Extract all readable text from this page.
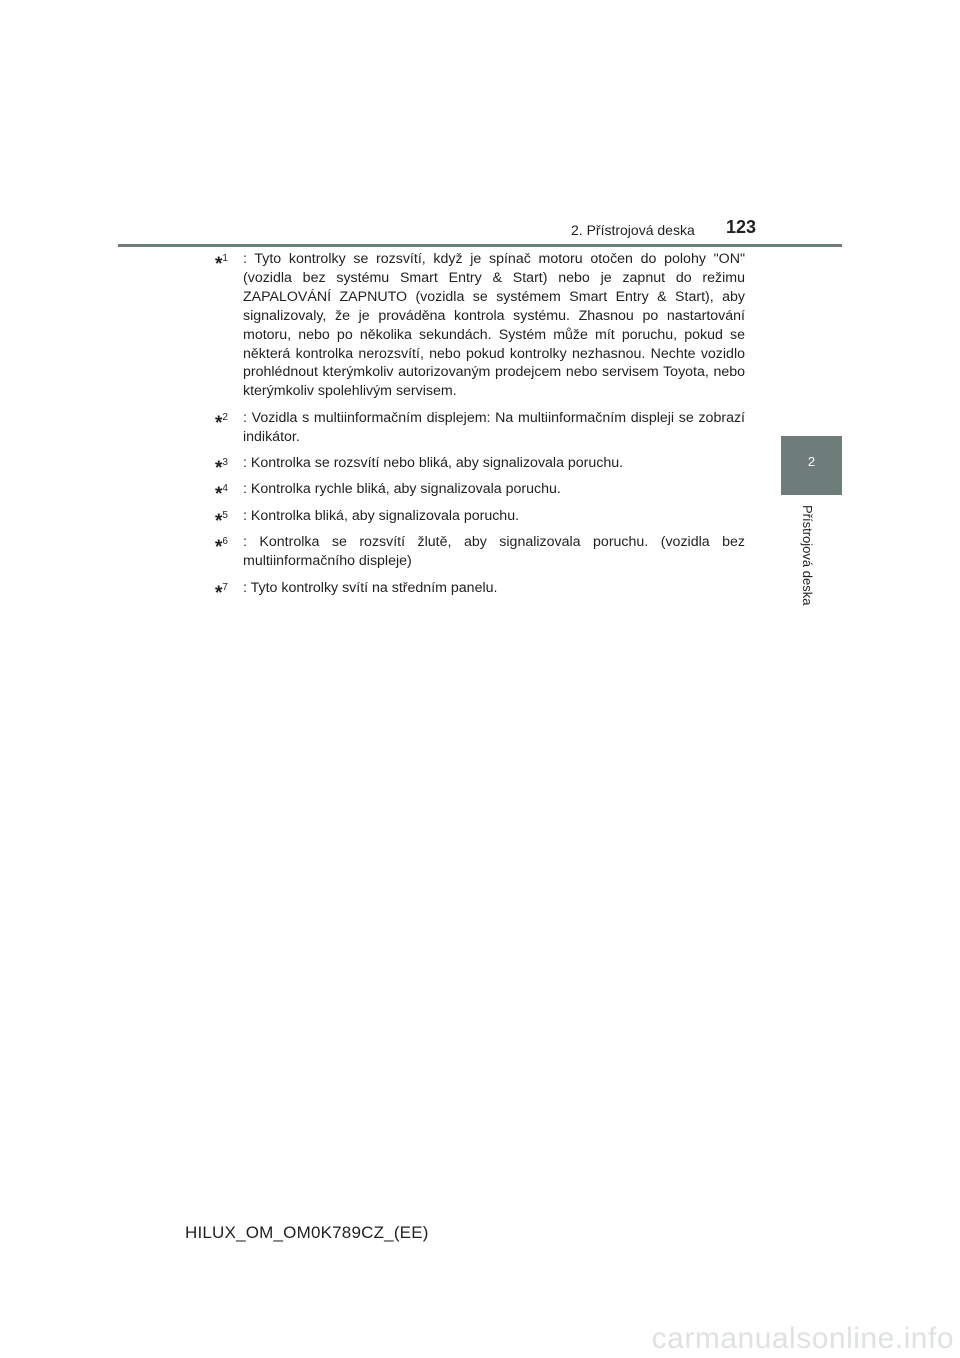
2. Přístrojová deska 123
2
Přístrojová deska
*$^1$ : Tyto kontrolky se rozsvítí, když je spínač motoru otočen do polohy "ON" (vozidla bez systému Smart Entry & Start) nebo je zapnut do režimu ZAPALOVÁNÍ ZAPNUTO (vozidla se systémem Smart Entry & Start), aby signalizovaly, že je prováděna kontrola systému. Zhasnou po nastartování motoru, nebo po několika sekundách. Systém může mít poruchu, pokud se některá kontrolka nerozsvítí, nebo pokud kontrolky nezhasnou. Nechte vozidlo prohlédnout kterýmkoliv autorizovaným prodejcem nebo servisem Toyota, nebo kterýmkoliv spolehlivým servisem.
*$^2$ : Vozidla s multiinformačním displejem: Na multiinformačním displeji se zobrazí indikátor.
*$^3$ : Kontrolka se rozsvítí nebo bliká, aby signalizovala poruchu.
*$^4$ : Kontrolka rychle bliká, aby signalizovala poruchu.
*$^5$ : Kontrolka bliká, aby signalizovala poruchu.
*$^6$ : Kontrolka se rozsvítí žlutě, aby signalizovala poruchu. (vozidla bez multiinformačního displeje)
*$^7$ : Tyto kontrolky svítí na středním panelu.
HILUX_OM_OM0K789CZ_(EE)
carmanualsonline.info
